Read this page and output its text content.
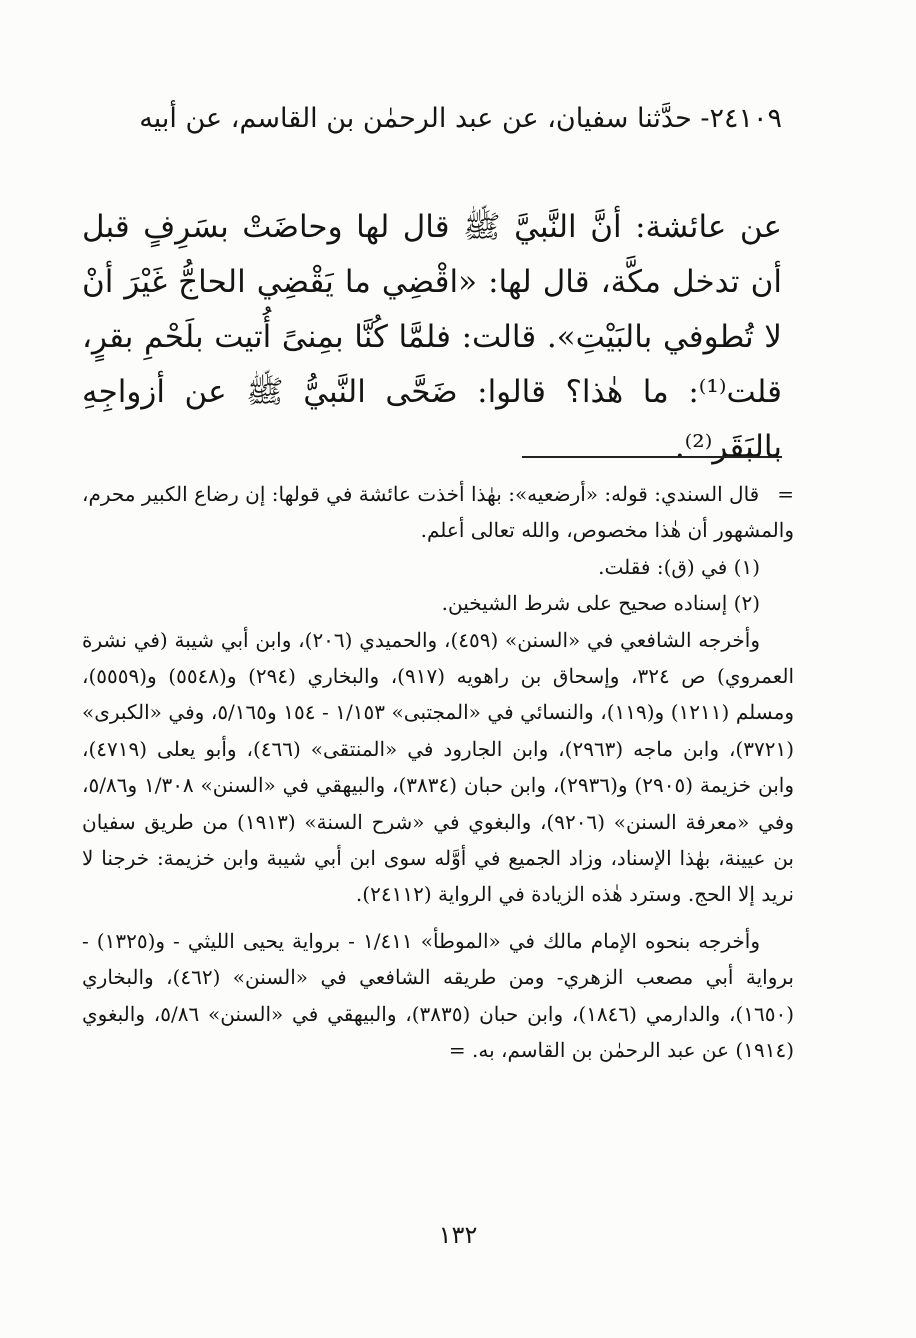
٢٤١٠٩- حدَّثنا سفيان، عن عبد الرحمٰن بن القاسم، عن أبيه
عن عائشة: أنَّ النَّبيَّ ﷺ قال لها وحاضَتْ بسَرِفٍ قبل أن تدخل مكَّة، قال لها: «اقْضِي ما يَقْضِي الحاجُّ غَيْرَ أنْ لا تُطوفي بالبَيْتِ». قالت: فلمَّا كُنَّا بمِنىً أُتيت بلَحْمِ بقرٍ، قلت⁽¹⁾: ما هٰذا؟ قالوا: ضَحَّى النَّبيُّ ﷺ عن أزواجِهِ بالبَقَر⁽²⁾.

=قال السندي: قوله: «أرضعيه»: بهٰذا أخذت عائشة في قولها: إن رضاع الكبير محرم، والمشهور أن هٰذا مخصوص، والله تعالى أعلم.

(١) في (ق): فقلت.

(٢) إسناده صحيح على شرط الشيخين.

وأخرجه الشافعي في «السنن» (٤٥٩)، والحميدي (٢٠٦)، وابن أبي شيبة (في نشرة العمروي) ص ٣٢٤، وإسحاق بن راهويه (٩١٧)، والبخاري (٢٩٤) و(٥٥٤٨) و(٥٥٥٩)، ومسلم (١٢١١) و(١١٩)، والنسائي في «المجتبى» ١/١٥٣ - ١٥٤ و٥/١٦٥، وفي «الكبرى» (٣٧٢١)، وابن ماجه (٢٩٦٣)، وابن الجارود في «المنتقى» (٤٦٦)، وأبو يعلى (٤٧١٩)، وابن خزيمة (٢٩٠٥) و(٢٩٣٦)، وابن حبان (٣٨٣٤)، والبيهقي في «السنن» ١/٣٠٨ و٥/٨٦، وفي «معرفة السنن» (٩٢٠٦)، والبغوي في «شرح السنة» (١٩١٣) من طريق سفيان بن عيينة، بهٰذا الإسناد، وزاد الجميع في أوَّله سوى ابن أبي شيبة وابن خزيمة: خرجنا لا نريد إلا الحج. وسترد هٰذه الزيادة في الرواية (٢٤١١٢).

وأخرجه بنحوه الإمام مالك في «الموطأ» ١/٤١١ - برواية يحيى الليثي - و(١٣٢٥) - برواية أبي مصعب الزهري- ومن طريقه الشافعي في «السنن» (٤٦٢)، والبخاري (١٦٥٠)، والدارمي (١٨٤٦)، وابن حبان (٣٨٣٥)، والبيهقي في «السنن» ٥/٨٦، والبغوي (١٩١٤) عن عبد الرحمٰن بن القاسم، به. =

١٣٢
